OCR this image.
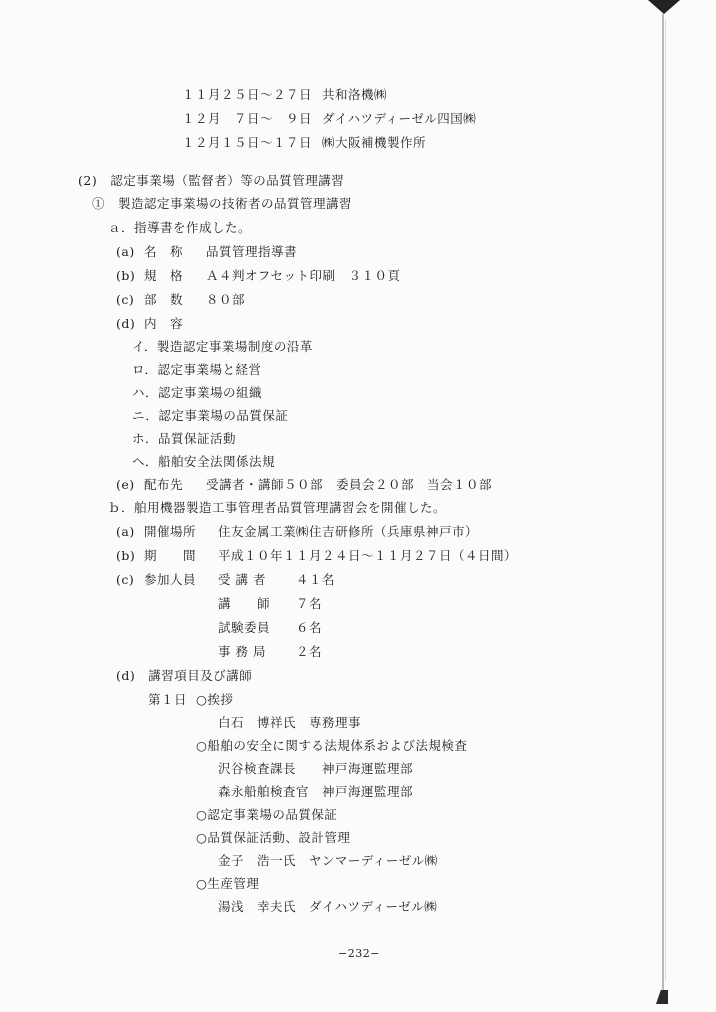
１１月２５日～２７日 共和洛機㈱
１２月　７日～　９日 ダイハツディーゼル四国㈱
１２月１５日～１７日 ㈱大阪補機製作所
(2)　認定事業場（監督者）等の品質管理講習
①　製造認定事業場の技術者の品質管理講習
ａ．指導書を作成した。
(a) 名　称 品質管理指導書
(b) 規　格 Ａ４判オフセット印刷　３１０頁
(c) 部　数 ８０部
(d) 内　容
イ．製造認定事業場制度の沿革
ロ．認定事業場と経営
ハ．認定事業場の組織
ニ．認定事業場の品質保証
ホ．品質保証活動
ヘ．船舶安全法関係法規
(e) 配布先 受講者・講師５０部　委員会２０部　当会１０部
ｂ．舶用機器製造工事管理者品質管理講習会を開催した。
(a) 開催場所 住友金属工業㈱住吉研修所（兵庫県神戸市）
(b) 期　　間 平成１０年１１月２４日～１１月２７日（４日間）
(c) 参加人員 受 講 者 ４１名
講　　師 ７名
試験委員 ６名
事 務 局 ２名
(d)　講習項目及び講師
第１日 ○挨拶
白石　博祥氏　専務理事
○船舶の安全に関する法規体系および法規検査
沢谷検査課長　　神戸海運監理部
森永船舶検査官　神戸海運監理部
○認定事業場の品質保証
○品質保証活動、設計管理
金子　浩一氏　ヤンマーディーゼル㈱
○生産管理
湯浅　幸夫氏　ダイハツディーゼル㈱
−232−
